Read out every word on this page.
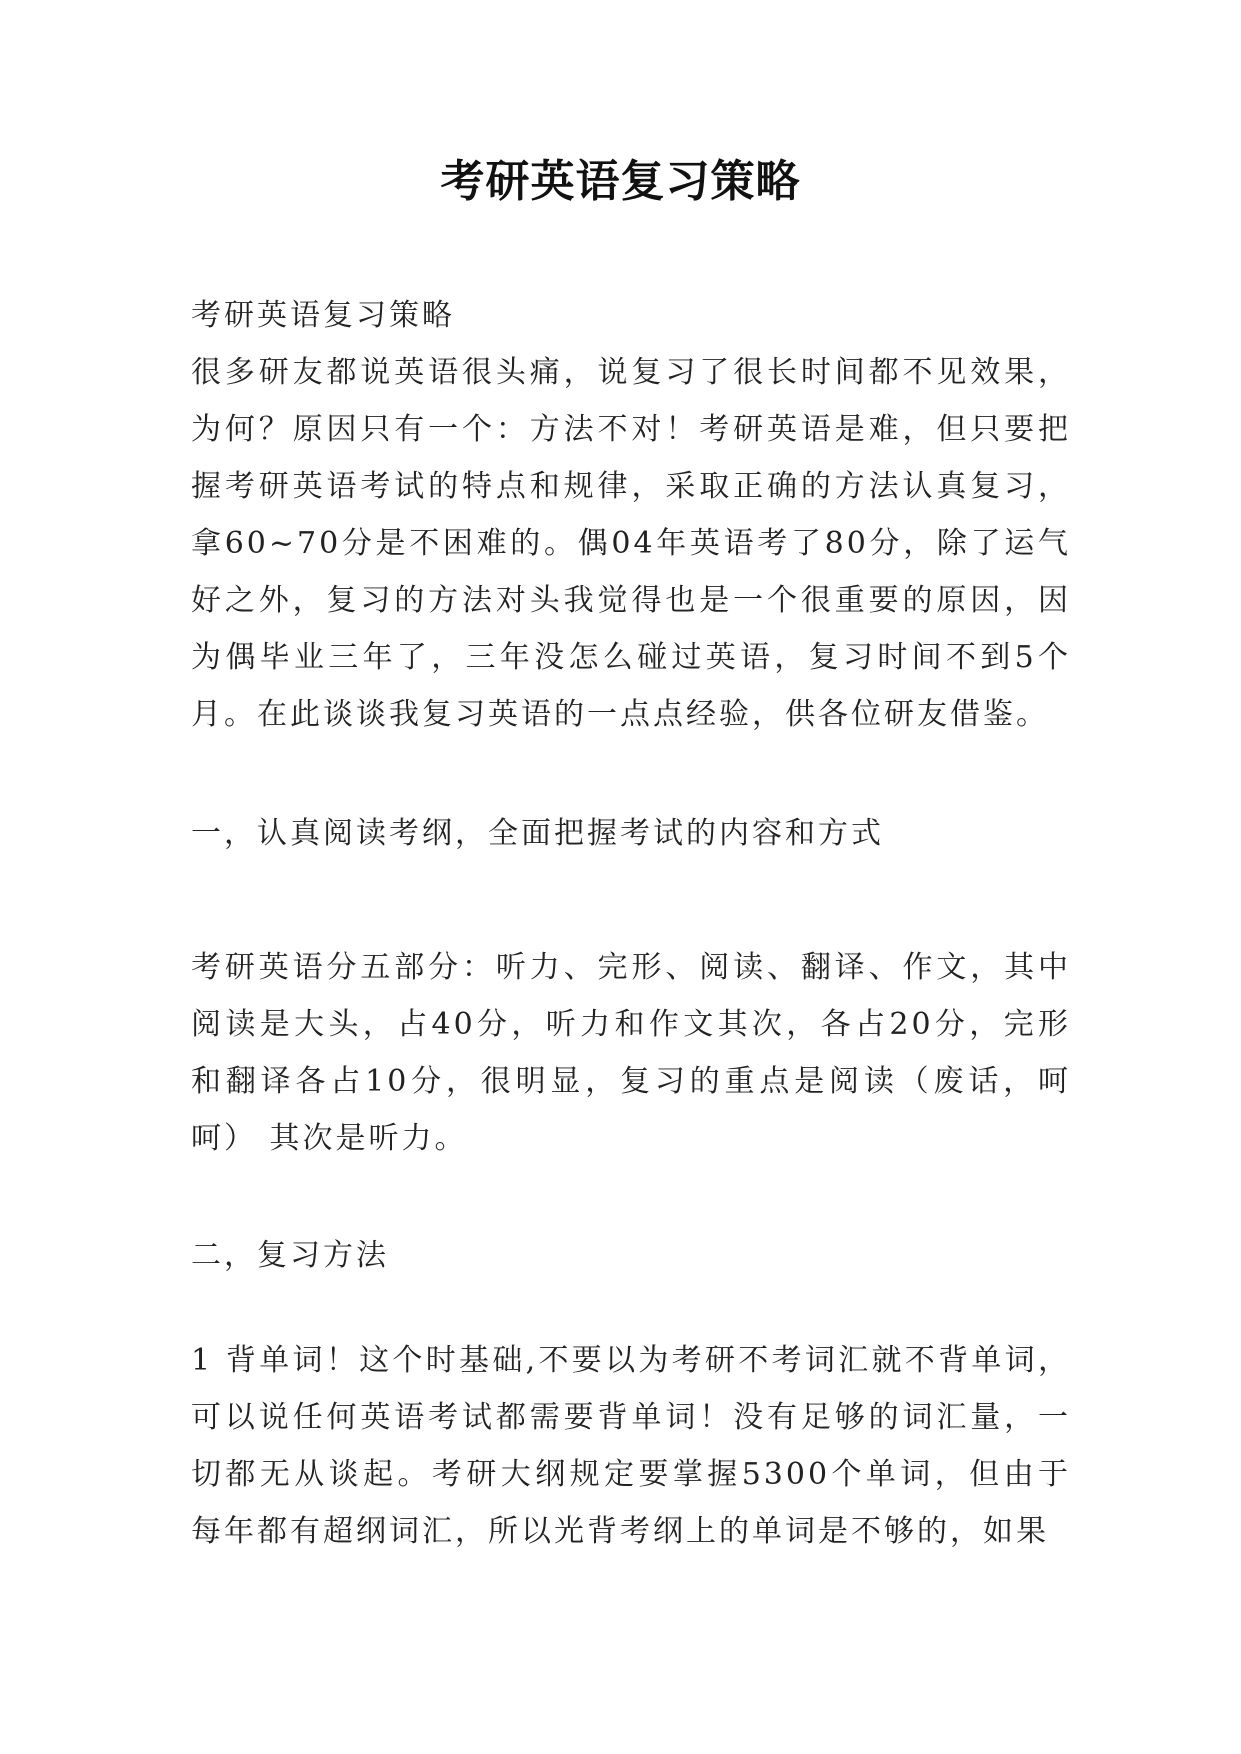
考研英语复习策略

考研英语复习策略

很多研友都说英语很头痛，说复习了很长时间都不见效果，为何？原因只有一个：方法不对！考研英语是难，但只要把握考研英语考试的特点和规律，采取正确的方法认真复习，拿60~70分是不困难的。偶04年英语考了80分，除了运气好之外，复习的方法对头我觉得也是一个很重要的原因，因为偶毕业三年了，三年没怎么碰过英语，复习时间不到5个月。在此谈谈我复习英语的一点点经验，供各位研友借鉴。

一，认真阅读考纲，全面把握考试的内容和方式

考研英语分五部分：听力、完形、阅读、翻译、作文，其中阅读是大头，占40分，听力和作文其次，各占20分，完形和翻译各占10分，很明显，复习的重点是阅读（废话，呵呵） 其次是听力。

二，复习方法

1 背单词！这个时基础,不要以为考研不考词汇就不背单词，可以说任何英语考试都需要背单词！没有足够的词汇量，一切都无从谈起。考研大纲规定要掌握5300个单词，但由于每年都有超纲词汇，所以光背考纲上的单词是不够的，如果
